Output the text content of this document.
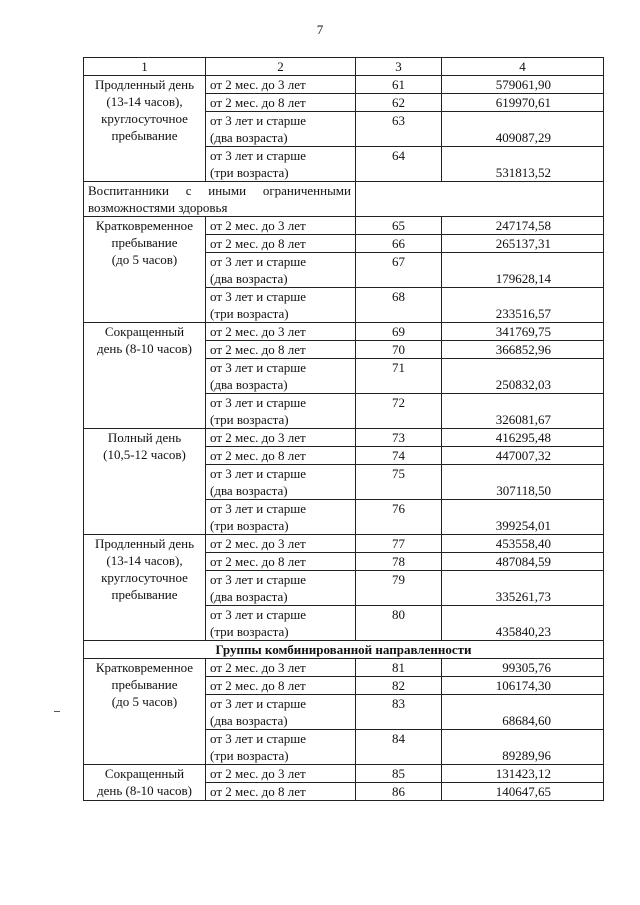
7
1	2	3	4

Продленный день
(13-14 часов),
круглосуточное
пребывание	от 2 мес. до 3 лет	61	579061,90

	от 2 мес. до 8 лет	62	619970,61

	от 3 лет и старше
(два возраста)	63	409087,29

	от 3 лет и старше
(три возраста)	64	531813,52

Воспитанники с иными ограниченными
возможностями здоровья			

Кратковременное
пребывание
(до 5 часов)	от 2 мес. до 3 лет	65	247174,58

	от 2 мес. до 8 лет	66	265137,31

	от 3 лет и старше
(два возраста)	67	179628,14

	от 3 лет и старше
(три возраста)	68	233516,57

Сокращенный
день (8-10 часов)	от 2 мес. до 3 лет	69	341769,75

	от 2 мес. до 8 лет	70	366852,96

	от 3 лет и старше
(два возраста)	71	250832,03

	от 3 лет и старше
(три возраста)	72	326081,67

Полный день
(10,5-12 часов)	от 2 мес. до 3 лет	73	416295,48

	от 2 мес. до 8 лет	74	447007,32

	от 3 лет и старше
(два возраста)	75	307118,50

	от 3 лет и старше
(три возраста)	76	399254,01

Продленный день
(13-14 часов),
круглосуточное
пребывание	от 2 мес. до 3 лет	77	453558,40

	от 2 мес. до 8 лет	78	487084,59

	от 3 лет и старше
(два возраста)	79	335261,73

	от 3 лет и старше
(три возраста)	80	435840,23
Группы комбинированной направленности			

Кратковременное
пребывание
(до 5 часов)	от 2 мес. до 3 лет	81	99305,76

	от 2 мес. до 8 лет	82	106174,30

	от 3 лет и старше
(два возраста)	83	68684,60

	от 3 лет и старше
(три возраста)	84	89289,96

Сокращенный
день (8-10 часов)	от 2 мес. до 3 лет	85	131423,12

	от 2 мес. до 8 лет	86	140647,65
